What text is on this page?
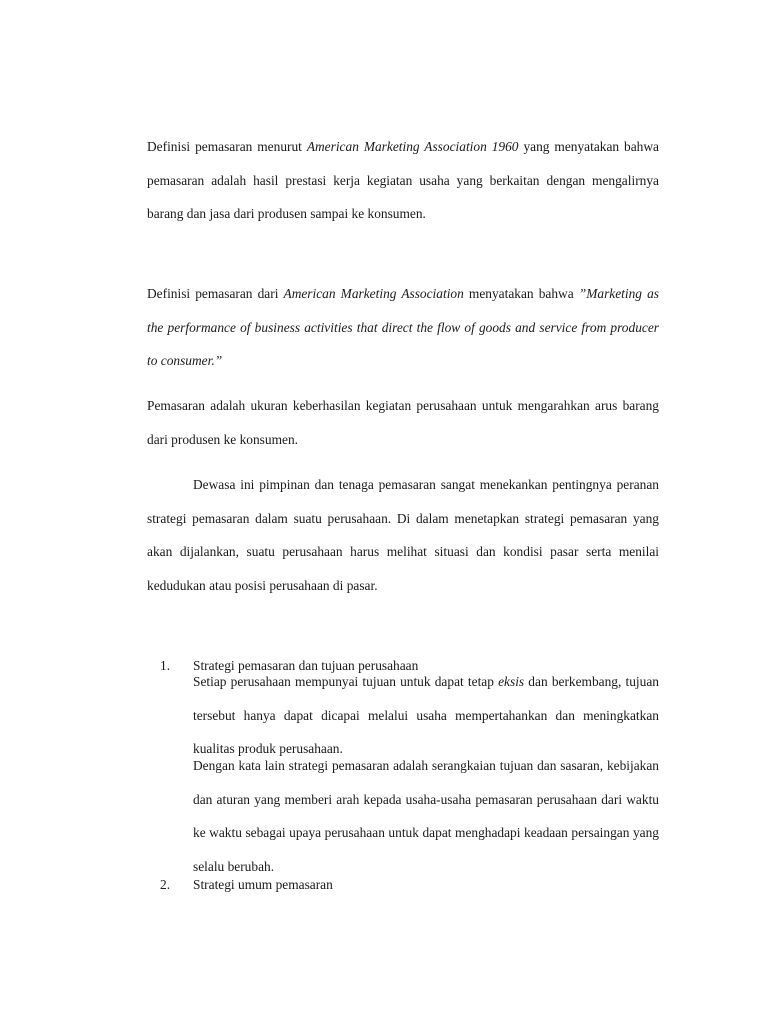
Definisi pemasaran menurut American Marketing Association 1960 yang menyatakan bahwa pemasaran adalah hasil prestasi kerja kegiatan usaha yang berkaitan dengan mengalirnya barang dan jasa dari produsen sampai ke konsumen.

Definisi pemasaran dari American Marketing Association menyatakan bahwa ”Marketing as the performance of business activities that direct the flow of goods and service from producer to consumer.”

Pemasaran adalah ukuran keberhasilan kegiatan perusahaan untuk mengarahkan arus barang dari produsen ke konsumen.

Dewasa ini pimpinan dan tenaga pemasaran sangat menekankan pentingnya peranan strategi pemasaran dalam suatu perusahaan. Di dalam menetapkan strategi pemasaran yang akan dijalankan, suatu perusahaan harus melihat situasi dan kondisi pasar serta menilai kedudukan atau posisi perusahaan di pasar.

1. Strategi pemasaran dan tujuan perusahaan

Setiap perusahaan mempunyai tujuan untuk dapat tetap eksis dan berkembang, tujuan tersebut hanya dapat dicapai melalui usaha mempertahankan dan meningkatkan kualitas produk perusahaan.

Dengan kata lain strategi pemasaran adalah serangkaian tujuan dan sasaran, kebijakan dan aturan yang memberi arah kepada usaha-usaha pemasaran perusahaan dari waktu ke waktu sebagai upaya perusahaan untuk dapat menghadapi keadaan persaingan yang selalu berubah.

2. Strategi umum pemasaran
